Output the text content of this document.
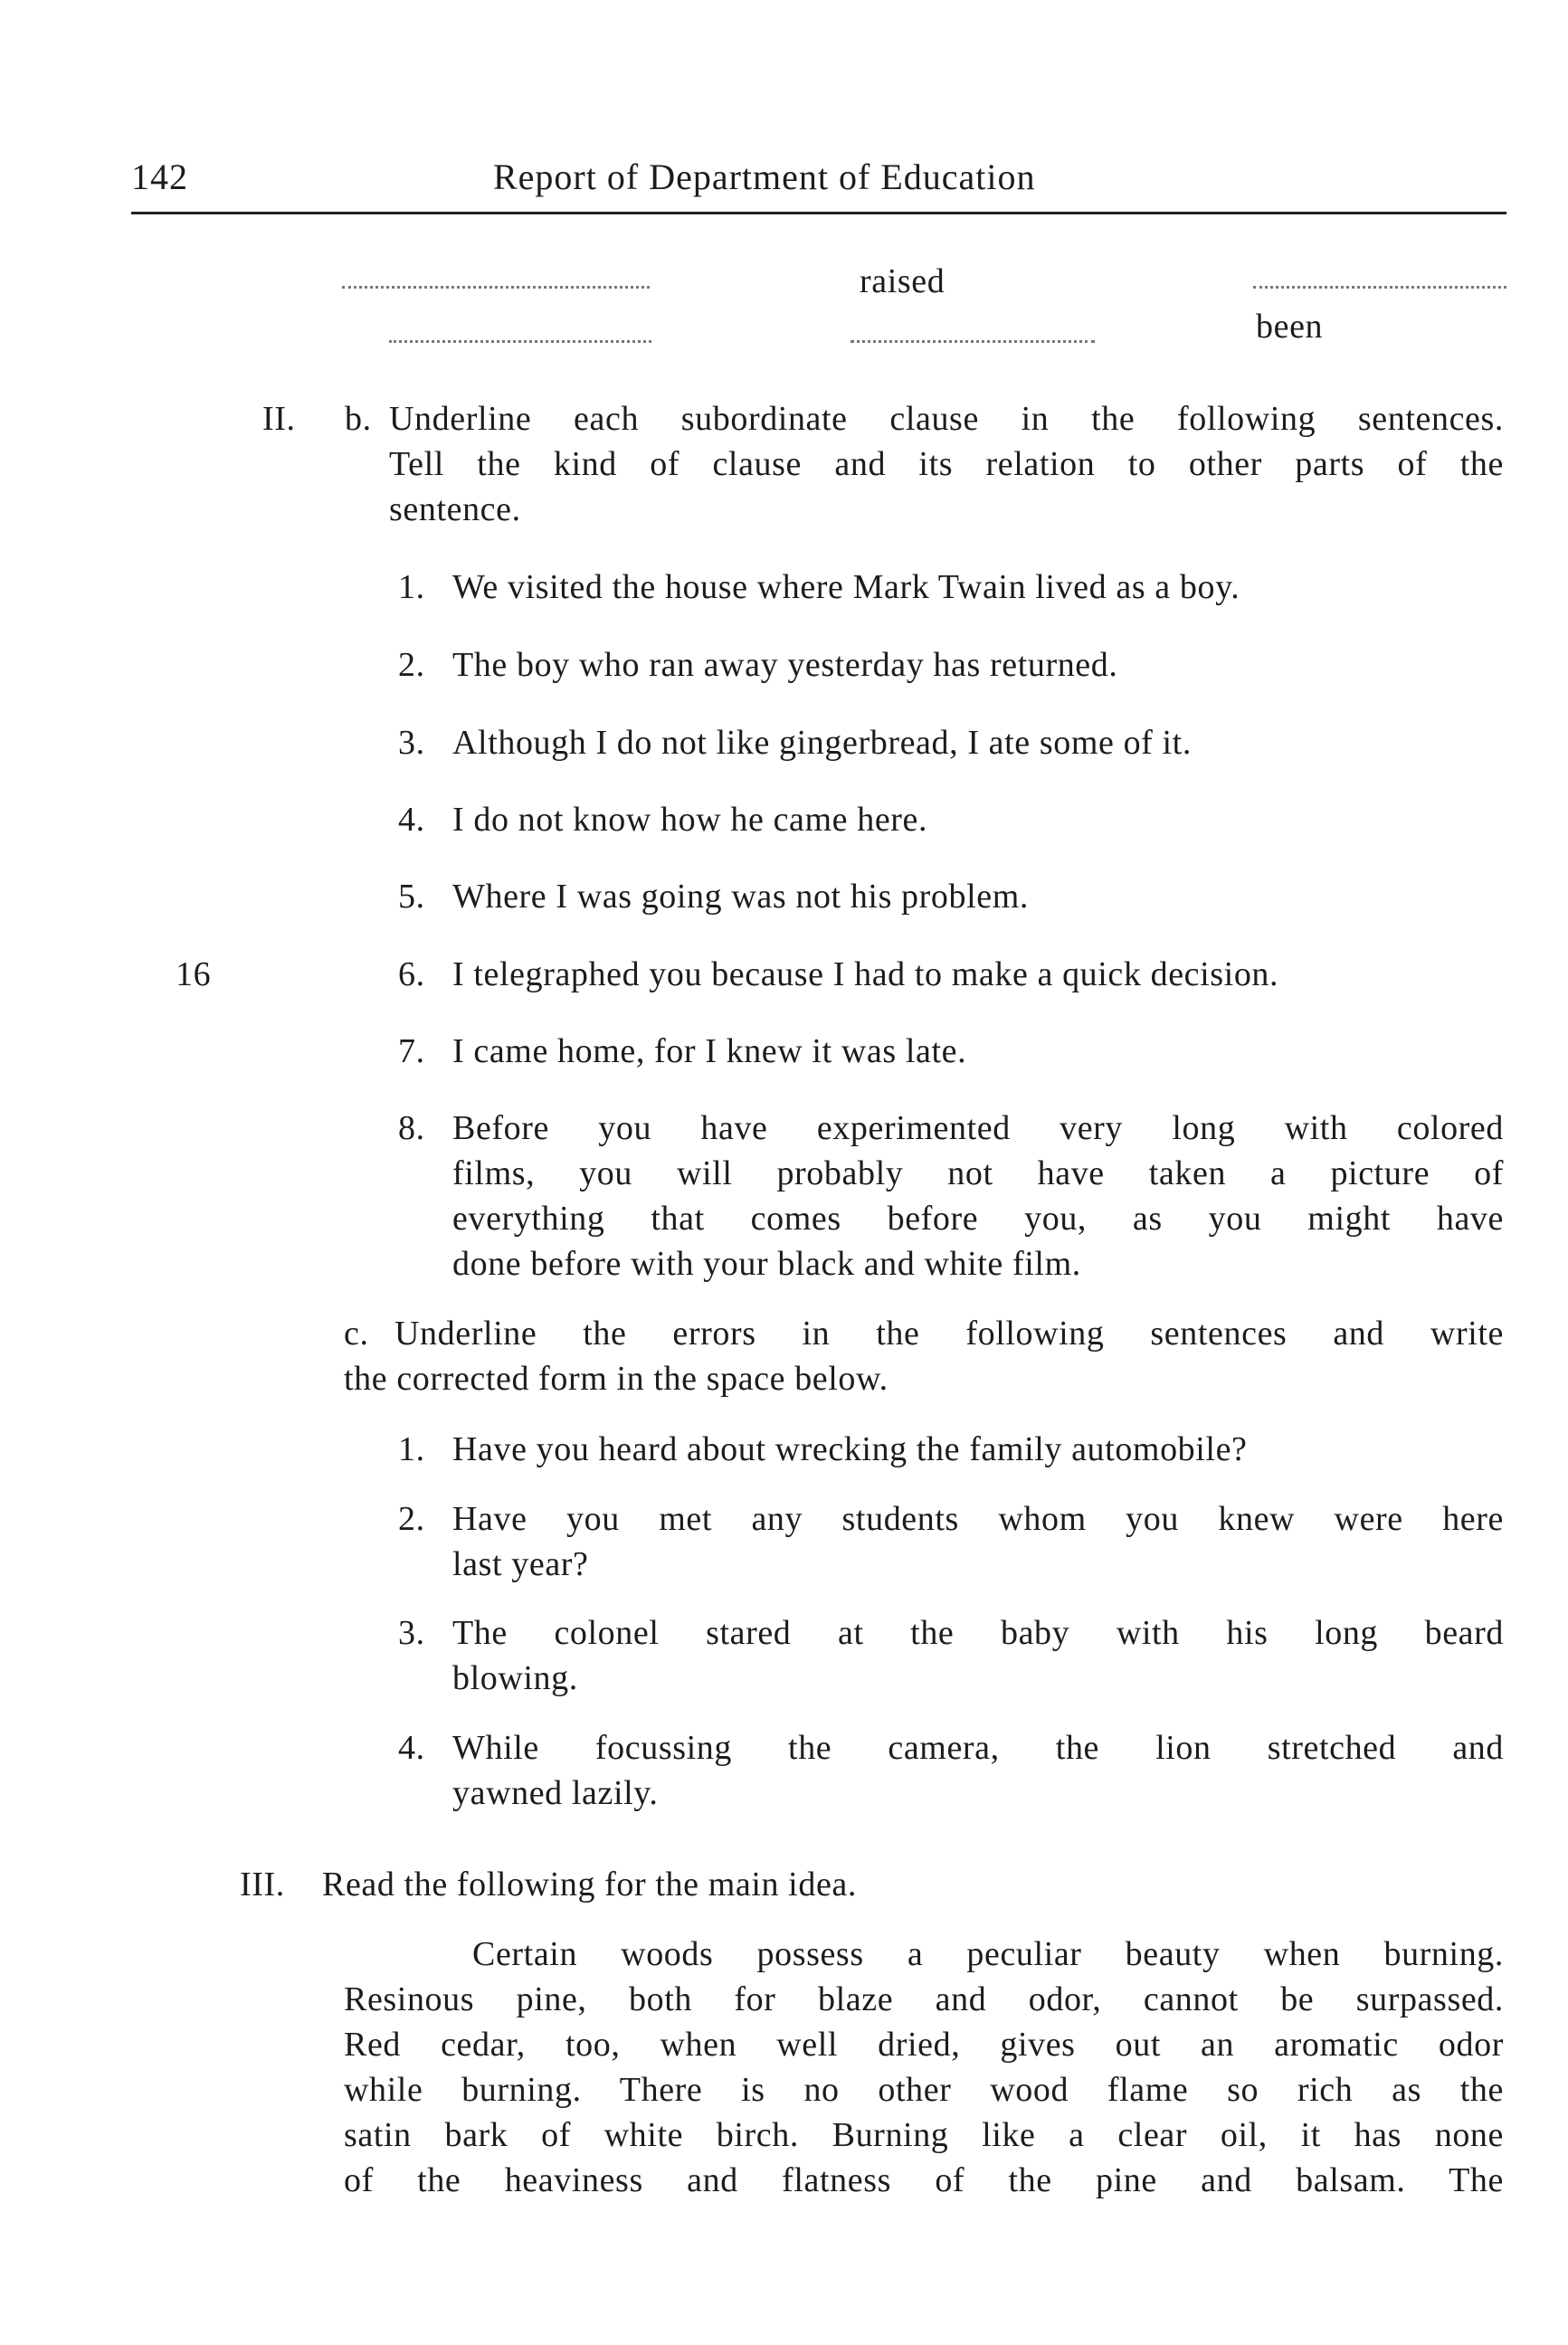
142	Report of Department of Education
raised
been
II. b. Underline each subordinate clause in the following sentences.
Tell the kind of clause and its relation to other parts of the
sentence.
16
1. We visited the house where Mark Twain lived as a boy.
2. The boy who ran away yesterday has returned.
3. Although I do not like gingerbread, I ate some of it.
4. I do not know how he came here.
5. Where I was going was not his problem.
6. I telegraphed you because I had to make a quick decision.
7. I came home, for I knew it was late.
8. Before you have experimented very long with colored
films, you will probably not have taken a picture of
everything that comes before you, as you might have
done before with your black and white film.
c. Underline the errors in the following sentences and write
the corrected form in the space below.
1. Have you heard about wrecking the family automobile?
2. Have you met any students whom you knew were here
last year?
3. The colonel stared at the baby with his long beard
blowing.
4. While focussing the camera, the lion stretched and
yawned lazily.
III. Read the following for the main idea.
Certain woods possess a peculiar beauty when burning.
Resinous pine, both for blaze and odor, cannot be surpassed.
Red cedar, too, when well dried, gives out an aromatic odor
while burning. There is no other wood flame so rich as the
satin bark of white birch. Burning like a clear oil, it has none
of the heaviness and flatness of the pine and balsam. The
